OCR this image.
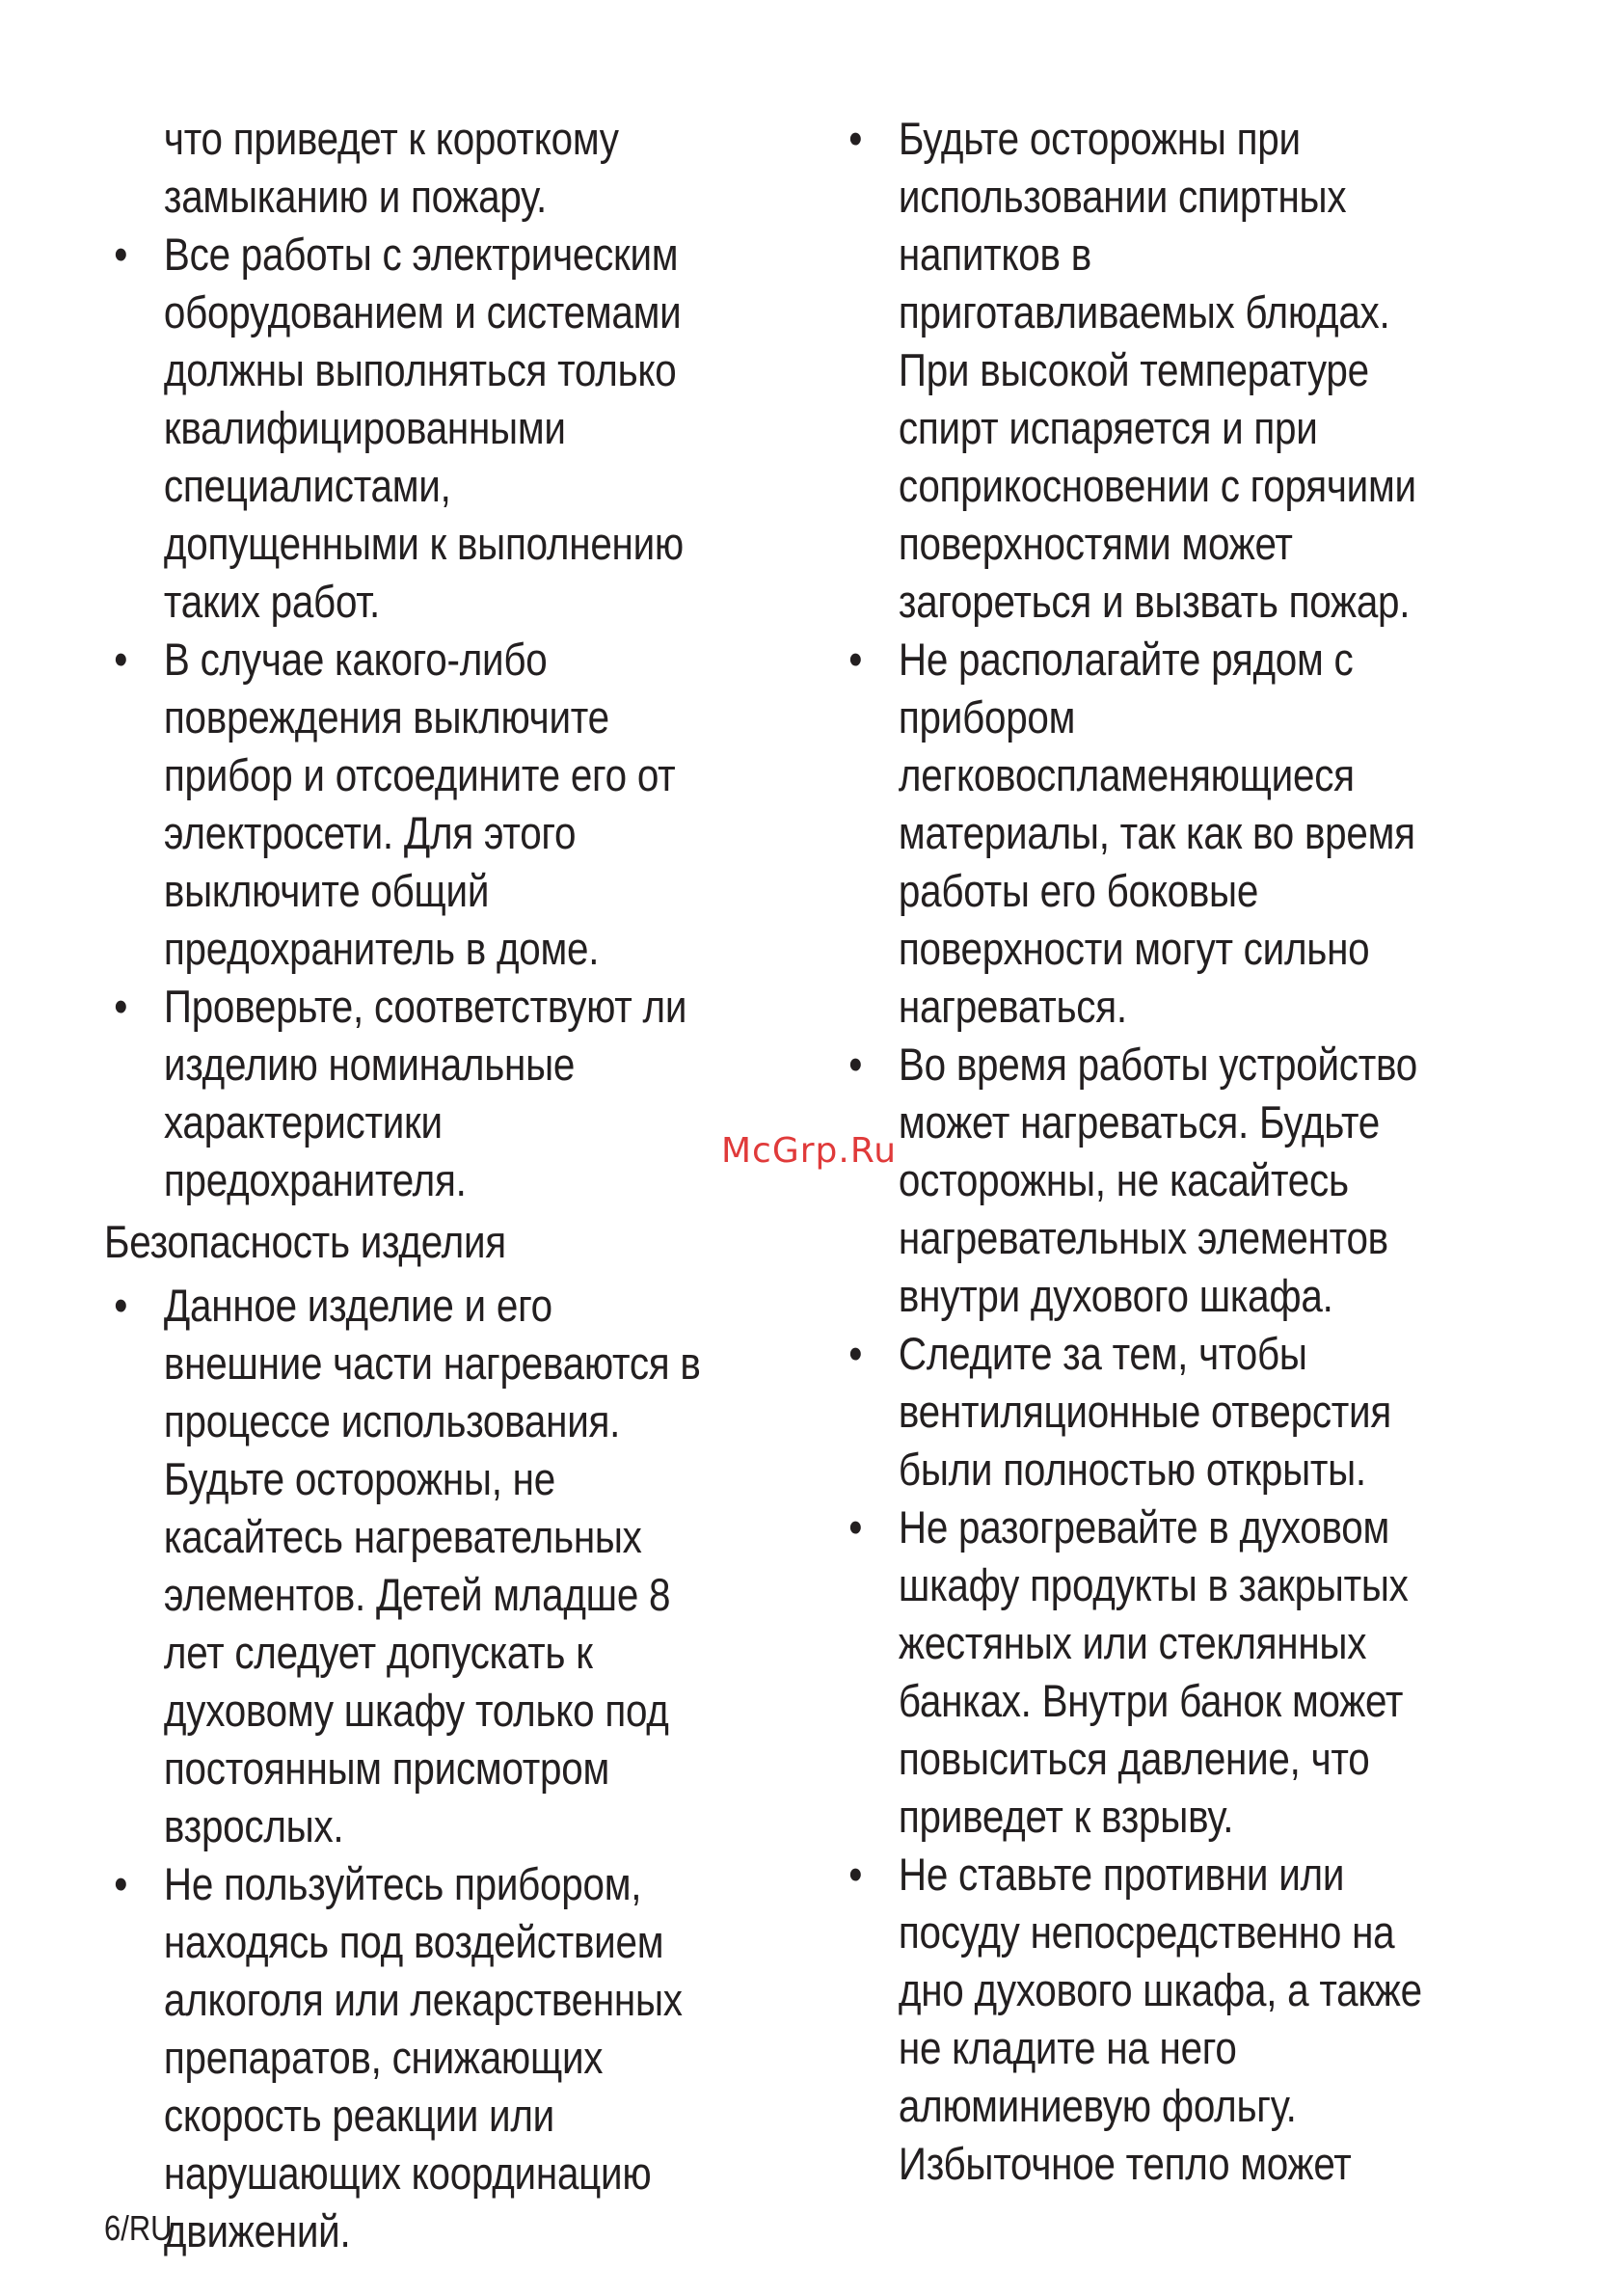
что приведет к короткому замыканию и пожару.

• Все работы с электрическим оборудованием и системами должны выполняться только квалифицированными специалистами, допущенными к выполнению таких работ.

• В случае какого-либо повреждения выключите прибор и отсоедините его от электросети. Для этого выключите общий предохранитель в доме.

• Проверьте, соответствуют ли изделию номинальные характеристики предохранителя.

Безопасность изделия

• Данное изделие и его внешние части нагреваются в процессе использования. Будьте осторожны, не касайтесь нагревательных элементов. Детей младше 8 лет следует допускать к духовому шкафу только под постоянным присмотром взрослых.

• Не пользуйтесь прибором, находясь под воздействием алкоголя или лекарственных препаратов, снижающих скорость реакции или нарушающих координацию движений.

• Будьте осторожны при использовании спиртных напитков в приготавливаемых блюдах. При высокой температуре спирт испаряется и при соприкосновении с горячими поверхностями может загореться и вызвать пожар.

• Не располагайте рядом с прибором легковоспламеняющиеся материалы, так как во время работы его боковые поверхности могут сильно нагреваться.

• Во время работы устройство может нагреваться. Будьте осторожны, не касайтесь нагревательных элементов внутри духового шкафа.

• Следите за тем, чтобы вентиляционные отверстия были полностью открыты.

• Не разогревайте в духовом шкафу продукты в закрытых жестяных или стеклянных банках. Внутри банок может повыситься давление, что приведет к взрыву.

• Не ставьте противни или посуду непосредственно на дно духового шкафа, а также не кладите на него алюминиевую фольгу. Избыточное тепло может

McGrp.Ru
6/RU
